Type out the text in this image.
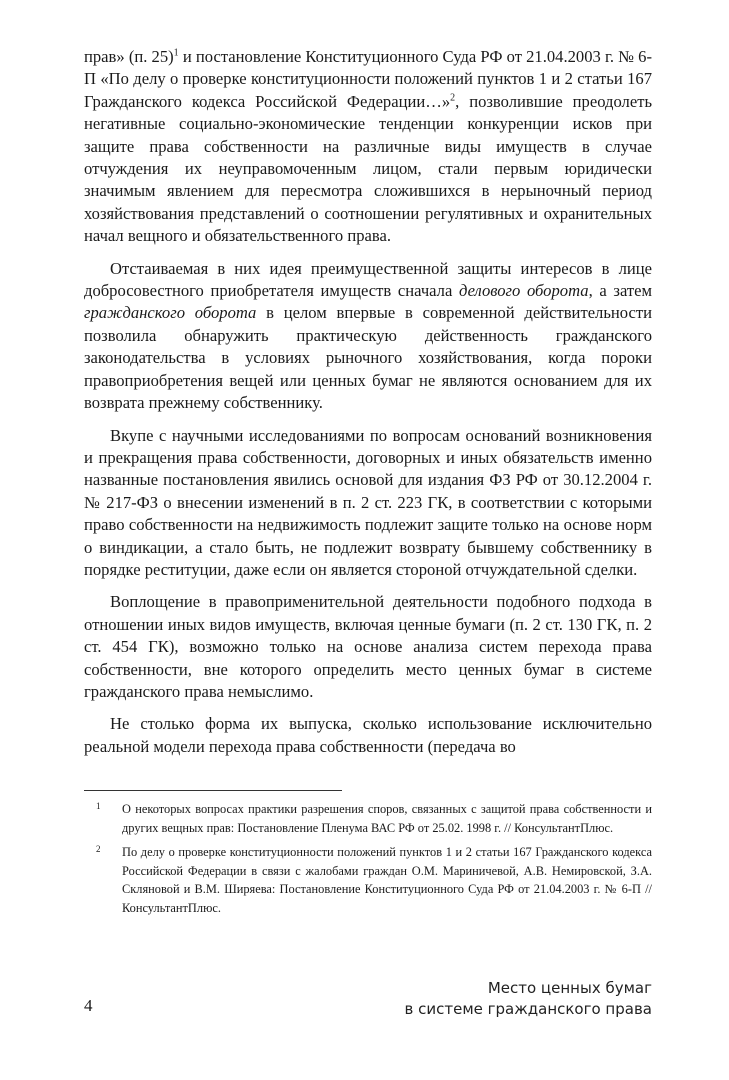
прав» (п. 25)$^1$ и постановление Конституционного Суда РФ от 21.04.2003 г. № 6-П «По делу о проверке конституционности положений пунктов 1 и 2 статьи 167 Гражданского кодекса Российской Федерации…»$^2$, позволившие преодолеть негативные социально-экономические тенденции конкуренции исков при защите права собственности на различные виды имуществ в случае отчуждения их неуправомоченным лицом, стали первым юридически значимым явлением для пересмотра сложившихся в нерыночный период хозяйствования представлений о соотношении регулятивных и охранительных начал вещного и обязательственного права.

Отстаиваемая в них идея преимущественной защиты интересов в лице добросовестного приобретателя имуществ сначала делового оборота, а затем гражданского оборота в целом впервые в современной действительности позволила обнаружить практическую действенность гражданского законодательства в условиях рыночного хозяйствования, когда пороки правоприобретения вещей или ценных бумаг не являются основанием для их возврата прежнему собственнику.

Вкупе с научными исследованиями по вопросам оснований возникновения и прекращения права собственности, договорных и иных обязательств именно названные постановления явились основой для издания ФЗ РФ от 30.12.2004 г. № 217-ФЗ о внесении изменений в п. 2 ст. 223 ГК, в соответствии с которыми право собственности на недвижимость подлежит защите только на основе норм о виндикации, а стало быть, не подлежит возврату бывшему собственнику в порядке реституции, даже если он является стороной отчуждательной сделки.

Воплощение в правоприменительной деятельности подобного подхода в отношении иных видов имуществ, включая ценные бумаги (п. 2 ст. 130 ГК, п. 2 ст. 454 ГК), возможно только на основе анализа систем перехода права собственности, вне которого определить место ценных бумаг в системе гражданского права немыслимо.

Не столько форма их выпуска, сколько использование исключительно реальной модели перехода права собственности (передача во

1 О некоторых вопросах практики разрешения споров, связанных с защитой права собственности и других вещных прав: Постановление Пленума ВАС РФ от 25.02. 1998 г. // КонсультантПлюс.
2 По делу о проверке конституционности положений пунктов 1 и 2 статьи 167 Гражданского кодекса Российской Федерации в связи с жалобами граждан О.М. Мариничевой, А.В. Немировской, З.А. Скляновой и В.М. Ширяева: Постановление Конституционного Суда РФ от 21.04.2003 г. № 6-П // КонсультантПлюс.
4
Место ценных бумаг
в системе гражданского права
